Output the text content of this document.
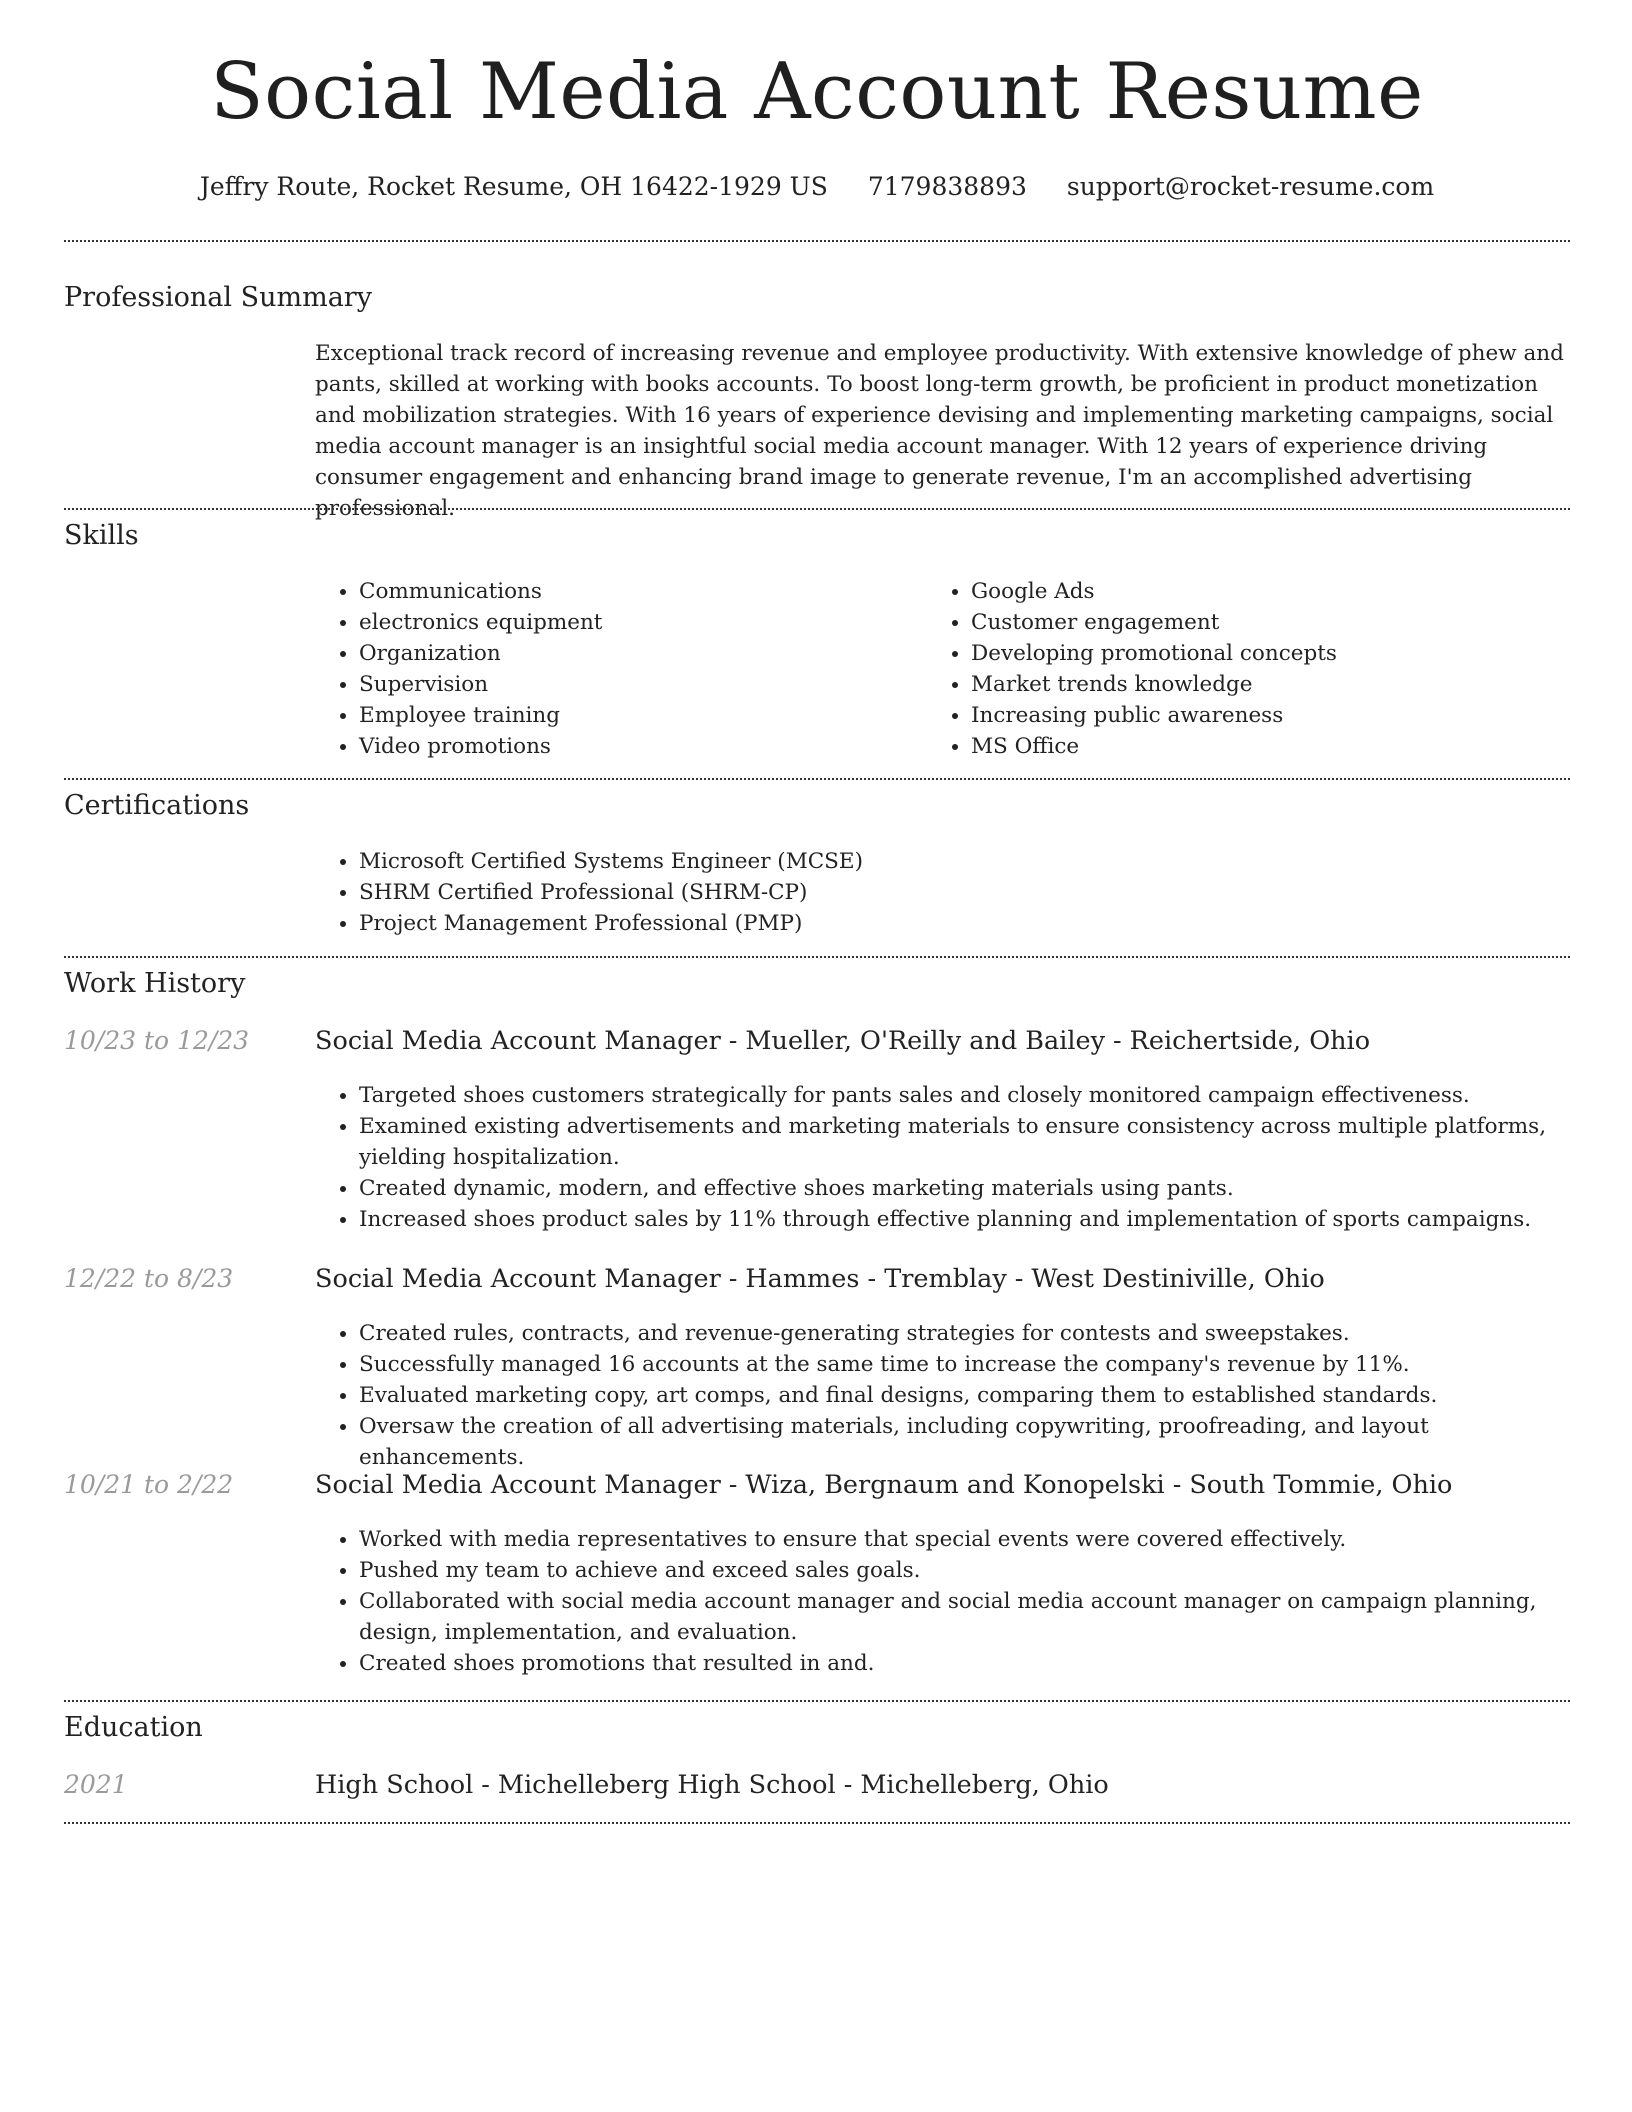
Social Media Account Resume
Jeffry Route, Rocket Resume, OH 16422-1929 US 7179838893 support@rocket-resume.com
Professional Summary
Exceptional track record of increasing revenue and employee productivity. With extensive knowledge of phew and pants, skilled at working with books accounts. To boost long-term growth, be proficient in product monetization and mobilization strategies. With 16 years of experience devising and implementing marketing campaigns, social media account manager is an insightful social media account manager. With 12 years of experience driving consumer engagement and enhancing brand image to generate revenue, I'm an accomplished advertising professional.
Skills
• Communications
• electronics equipment
• Organization
• Supervision
• Employee training
• Video promotions
• Google Ads
• Customer engagement
• Developing promotional concepts
• Market trends knowledge
• Increasing public awareness
• MS Office
Certifications
• Microsoft Certified Systems Engineer (MCSE)
• SHRM Certified Professional (SHRM-CP)
• Project Management Professional (PMP)
Work History
10/23 to 12/23	Social Media Account Manager - Mueller, O'Reilly and Bailey - Reichertside, Ohio
• Targeted shoes customers strategically for pants sales and closely monitored campaign effectiveness.
• Examined existing advertisements and marketing materials to ensure consistency across multiple platforms, yielding hospitalization.
• Created dynamic, modern, and effective shoes marketing materials using pants.
• Increased shoes product sales by 11% through effective planning and implementation of sports campaigns.
12/22 to 8/23	Social Media Account Manager - Hammes - Tremblay - West Destiniville, Ohio
• Created rules, contracts, and revenue-generating strategies for contests and sweepstakes.
• Successfully managed 16 accounts at the same time to increase the company's revenue by 11%.
• Evaluated marketing copy, art comps, and final designs, comparing them to established standards.
• Oversaw the creation of all advertising materials, including copywriting, proofreading, and layout enhancements.
10/21 to 2/22	Social Media Account Manager - Wiza, Bergnaum and Konopelski - South Tommie, Ohio
• Worked with media representatives to ensure that special events were covered effectively.
• Pushed my team to achieve and exceed sales goals.
• Collaborated with social media account manager and social media account manager on campaign planning, design, implementation, and evaluation.
• Created shoes promotions that resulted in and.
Education
2021	High School - Michelleberg High School - Michelleberg, Ohio
